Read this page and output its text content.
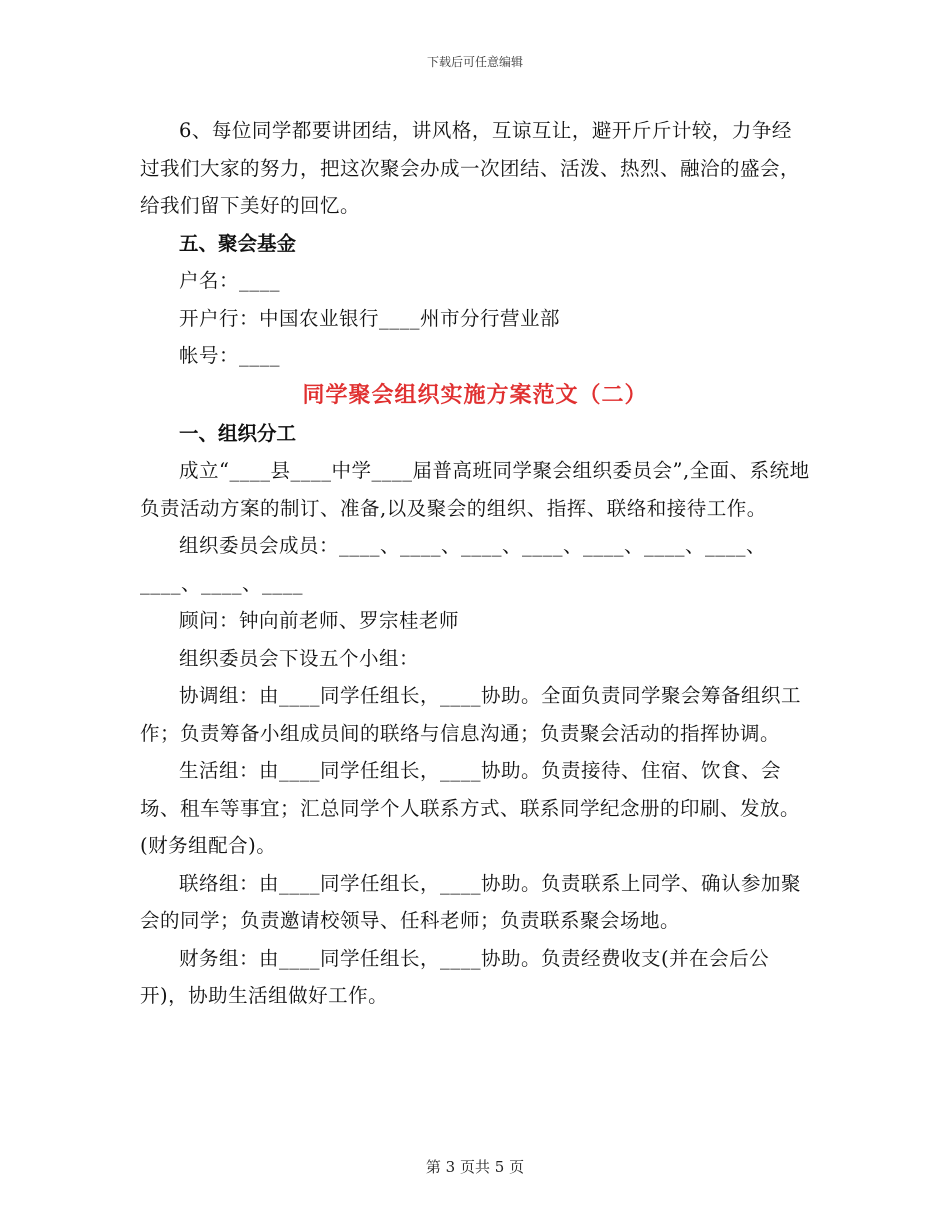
下载后可任意编辑

6、每位同学都要讲团结，讲风格，互谅互让，避开斤斤计较，力争经过我们大家的努力，把这次聚会办成一次团结、活泼、热烈、融洽的盛会，给我们留下美好的回忆。

五、聚会基金

户名：____

开户行：中国农业银行____州市分行营业部

帐号：____

同学聚会组织实施方案范文（二）

一、组织分工

成立“____县____中学____届普高班同学聚会组织委员会”,全面、系统地负责活动方案的制订、准备,以及聚会的组织、指挥、联络和接待工作。

组织委员会成员：____、____、____、____、____、____、____、____、____、____

顾问：钟向前老师、罗宗桂老师

组织委员会下设五个小组：

协调组：由____同学任组长，____协助。全面负责同学聚会筹备组织工作；负责筹备小组成员间的联络与信息沟通；负责聚会活动的指挥协调。

生活组：由____同学任组长，____协助。负责接待、住宿、饮食、会场、租车等事宜；汇总同学个人联系方式、联系同学纪念册的印刷、发放。(财务组配合)。

联络组：由____同学任组长，____协助。负责联系上同学、确认参加聚会的同学；负责邀请校领导、任科老师；负责联系聚会场地。

财务组：由____同学任组长，____协助。负责经费收支(并在会后公开)，协助生活组做好工作。

第 3 页共 5 页
